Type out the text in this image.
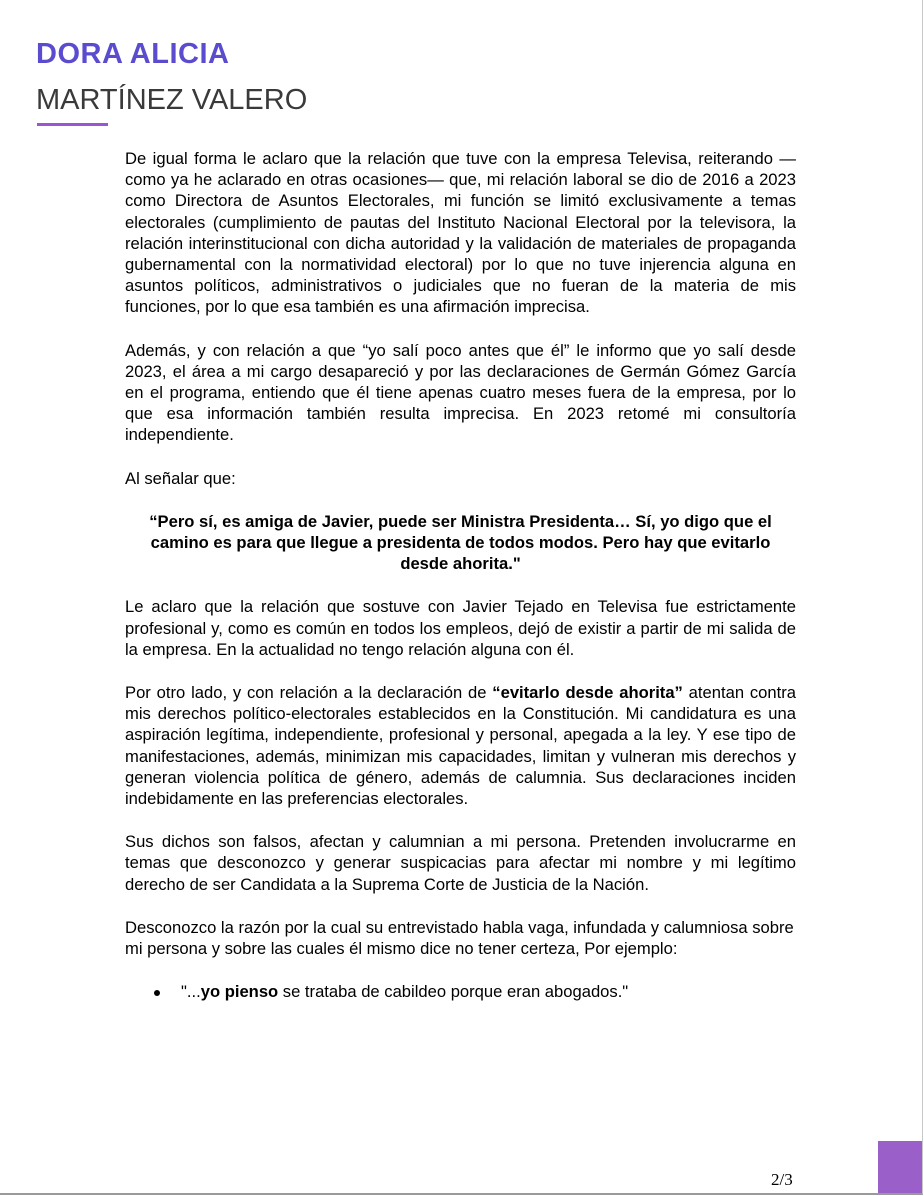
DORA ALICIA
MARTÍNEZ VALERO

De igual forma le aclaro que la relación que tuve con la empresa Televisa, reiterando —como ya he aclarado en otras ocasiones— que, mi relación laboral se dio de 2016 a 2023 como Directora de Asuntos Electorales, mi función se limitó exclusivamente a temas electorales (cumplimiento de pautas del Instituto Nacional Electoral por la televisora, la relación interinstitucional con dicha autoridad y la validación de materiales de propaganda gubernamental con la normatividad electoral) por lo que no tuve injerencia alguna en asuntos políticos, administrativos o judiciales que no fueran de la materia de mis funciones, por lo que esa también es una afirmación imprecisa.

Además, y con relación a que “yo salí poco antes que él” le informo que yo salí desde 2023, el área a mi cargo desapareció y por las declaraciones de Germán Gómez García en el programa, entiendo que él tiene apenas cuatro meses fuera de la empresa, por lo que esa información también resulta imprecisa. En 2023 retomé mi consultoría independiente.

Al señalar que:

“Pero sí, es amiga de Javier, puede ser Ministra Presidenta… Sí, yo digo que el camino es para que llegue a presidenta de todos modos. Pero hay que evitarlo desde ahorita."

Le aclaro que la relación que sostuve con Javier Tejado en Televisa fue estrictamente profesional y, como es común en todos los empleos, dejó de existir a partir de mi salida de la empresa. En la actualidad no tengo relación alguna con él.

Por otro lado, y con relación a la declaración de “evitarlo desde ahorita” atentan contra mis derechos político-electorales establecidos en la Constitución. Mi candidatura es una aspiración legítima, independiente, profesional y personal, apegada a la ley. Y ese tipo de manifestaciones, además, minimizan mis capacidades, limitan y vulneran mis derechos y generan violencia política de género, además de calumnia. Sus declaraciones inciden indebidamente en las preferencias electorales.

Sus dichos son falsos, afectan y calumnian a mi persona. Pretenden involucrarme en temas que desconozco y generar suspicacias para afectar mi nombre y mi legítimo derecho de ser Candidata a la Suprema Corte de Justicia de la Nación.

Desconozco la razón por la cual su entrevistado habla vaga, infundada y calumniosa sobre mi persona y sobre las cuales él mismo dice no tener certeza, Por ejemplo:

"...yo pienso se trataba de cabildeo porque eran abogados."
2/3
